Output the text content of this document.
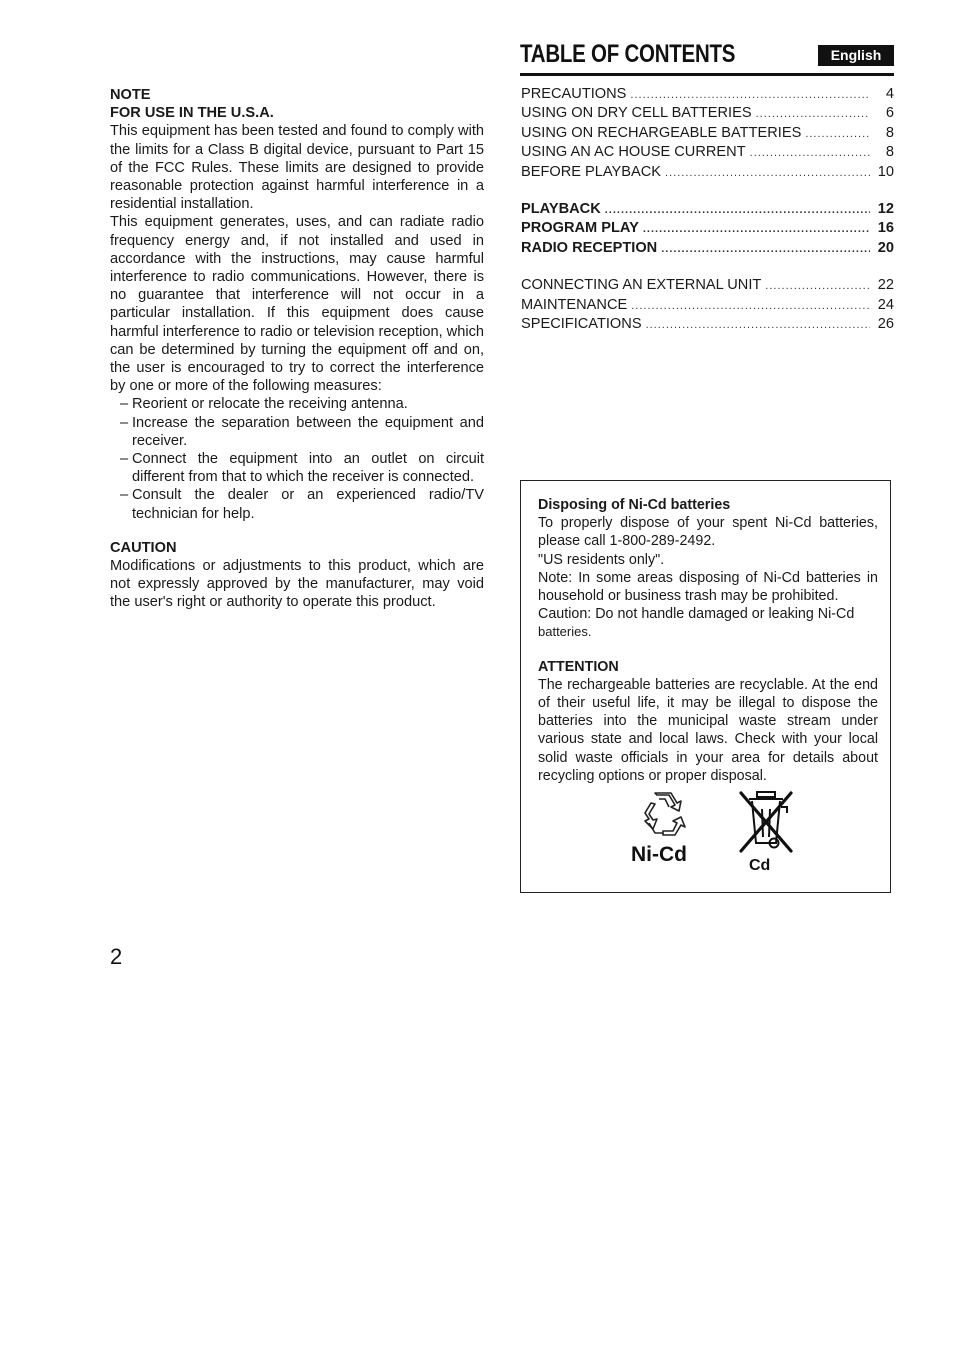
NOTE
FOR USE IN THE U.S.A.

This equipment has been tested and found to comply with the limits for a Class B digital device, pursuant to Part 15 of the FCC Rules. These limits are designed to provide reasonable protection against harmful interference in a residential installation.

This equipment generates, uses, and can radiate radio frequency energy and, if not installed and used in accordance with the instructions, may cause harmful interference to radio communications. However, there is no guarantee that interference will not occur in a particular installation. If this equipment does cause harmful interference to radio or television reception, which can be determined by turning the equipment off and on, the user is encouraged to try to correct the interference by one or more of the following measures:

– Reorient or relocate the receiving antenna.
– Increase the separation between the equipment and receiver.
– Connect the equipment into an outlet on circuit different from that to which the receiver is connected.
– Consult the dealer or an experienced radio/TV technician for help.
CAUTION

Modifications or adjustments to this product, which are not expressly approved by the manufacturer, may void the user's right or authority to operate this product.

TABLE OF CONTENTS	English
PRECAUTIONS .....	4
USING ON DRY CELL BATTERIES .....	6
USING ON RECHARGEABLE BATTERIES .....	8
USING AN AC HOUSE CURRENT .....	8
BEFORE PLAYBACK .....	10
PLAYBACK .....	12
PROGRAM PLAY .....	16
RADIO RECEPTION .....	20
CONNECTING AN EXTERNAL UNIT .....	22
MAINTENANCE .....	24
SPECIFICATIONS .....	26
Disposing of Ni-Cd batteries

To properly dispose of your spent Ni-Cd batteries, please call 1-800-289-2492.

"US residents only".

Note: In some areas disposing of Ni-Cd batteries in household or business trash may be prohibited.

Caution: Do not handle damaged or leaking Ni-Cd

batteries.

ATTENTION

The rechargeable batteries are recyclable. At the end of their useful life, it may be illegal to dispose the batteries into the municipal waste stream under various state and local laws. Check with your local solid waste officials in your area for details about recycling options or proper disposal.

Ni-Cd	Cd
2
